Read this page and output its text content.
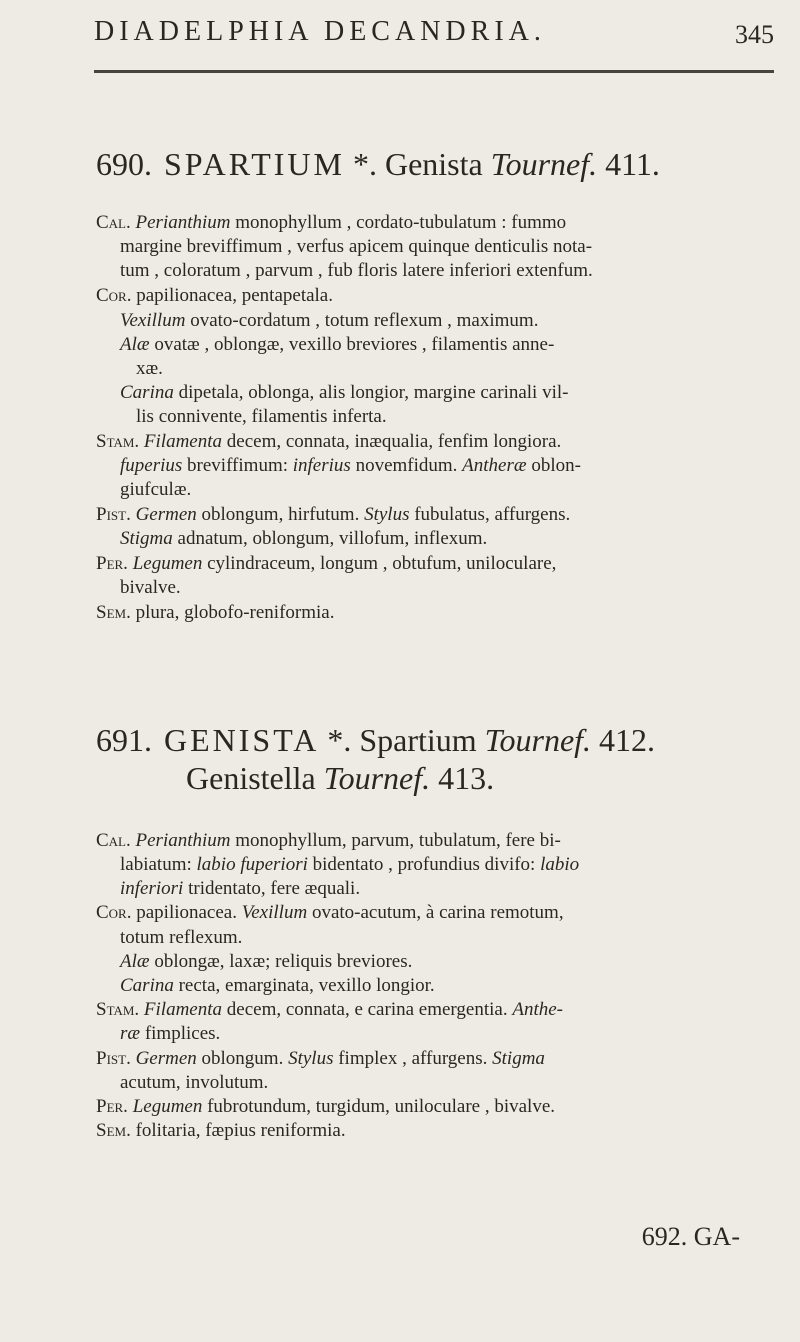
DIADELPHIA DECANDRIA.	345
690. SPARTIUM *. Genista Tournef. 411.
Cal. Perianthium monophyllum , cordato-tubulatum : fummo
margine breviffimum , verfus apicem quinque denticulis nota-
tum , coloratum , parvum , fub floris latere inferiori extenfum.
Cor. papilionacea, pentapetala.
Vexillum ovato-cordatum , totum reflexum , maximum.
Alæ ovatæ , oblongæ, vexillo breviores , filamentis anne-
xæ.
Carina dipetala, oblonga, alis longior, margine carinali vil-
lis connivente, filamentis inferta.
Stam. Filamenta decem, connata, inæqualia, fenfim longiora.
fuperius breviffimum: inferius novemfidum. Antheræ oblon-
giufculæ.
Pist. Germen oblongum, hirfutum. Stylus fubulatus, affurgens.
Stigma adnatum, oblongum, villofum, inflexum.
Per. Legumen cylindraceum, longum , obtufum, uniloculare,
bivalve.
Sem. plura, globofo-reniformia.
691. GENISTA *. Spartium Tournef. 412.
Genistella Tournef. 413.
Cal. Perianthium monophyllum, parvum, tubulatum, fere bi-
labiatum: labio fuperiori bidentato , profundius divifo: labio
inferiori tridentato, fere æquali.
Cor. papilionacea. Vexillum ovato-acutum, à carina remotum,
totum reflexum.
Alæ oblongæ, laxæ; reliquis breviores.
Carina recta, emarginata, vexillo longior.
Stam. Filamenta decem, connata, e carina emergentia. Anthe-
ræ fimplices.
Pist. Germen oblongum. Stylus fimplex , affurgens. Stigma
acutum, involutum.
Per. Legumen fubrotundum, turgidum, uniloculare , bivalve.
Sem. folitaria, fæpius reniformia.
692. GA-
